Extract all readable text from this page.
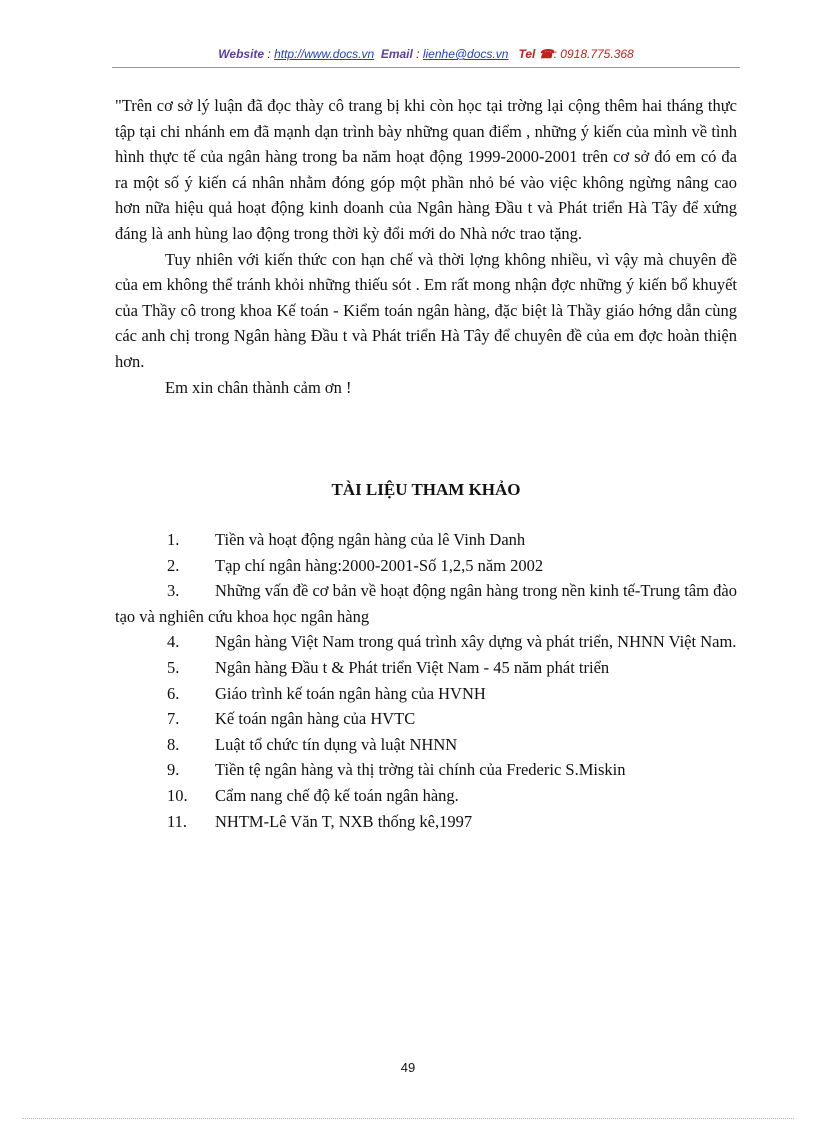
Website : http://www.docs.vn Email : lienhe@docs.vn Tel ☎: 0918.775.368

"Trên cơ sở lý luận đã đọc thày cô trang bị khi còn học tại trờng lại cộng thêm hai tháng thực tập tại chi nhánh em đã mạnh dạn trình bày những quan điểm , những ý kiến của mình về tình hình thực tế của ngân hàng trong ba năm hoạt động 1999-2000-2001 trên cơ sở đó em có đa ra một số ý kiến cá nhân nhằm đóng góp một phần nhỏ bé vào việc không ngừng nâng cao hơn nữa hiệu quả hoạt động kinh doanh của Ngân hàng Đầu t và Phát triển Hà Tây để xứng đáng là anh hùng lao động trong thời kỳ đổi mới do Nhà nớc trao tặng.

Tuy nhiên với kiến thức con hạn chế và thời lợng không nhiều, vì vậy mà chuyên đề của em không thể tránh khỏi những thiếu sót . Em rất mong nhận đợc những ý kiến bổ khuyết của Thầy cô trong khoa Kế toán - Kiểm toán ngân hàng, đặc biệt là Thầy giáo hớng dẫn cùng các anh chị trong Ngân hàng Đầu t và Phát triển Hà Tây để chuyên đề của em đợc hoàn thiện hơn.

Em xin chân thành cảm ơn !

TÀI LIỆU THAM KHẢO
1. Tiền và hoạt động ngân hàng của lê Vinh Danh
2. Tạp chí ngân hàng:2000-2001-Số 1,2,5 năm 2002
3. Những vấn đề cơ bản về hoạt động ngân hàng trong nền kinh tế-Trung tâm đào tạo và nghiên cứu khoa học ngân hàng
4. Ngân hàng Việt Nam trong quá trình xây dựng và phát triển, NHNN Việt Nam.
5. Ngân hàng Đầu t & Phát triển Việt Nam - 45 năm phát triển
6. Giáo trình kế toán ngân hàng của HVNH
7. Kế toán ngân hàng của HVTC
8. Luật tổ chức tín dụng và luật NHNN
9. Tiền tệ ngân hàng và thị trờng tài chính của Frederic S.Miskin
10. Cẩm nang chế độ kế toán ngân hàng.
11. NHTM-Lê Văn T, NXB thống kê,1997
49
